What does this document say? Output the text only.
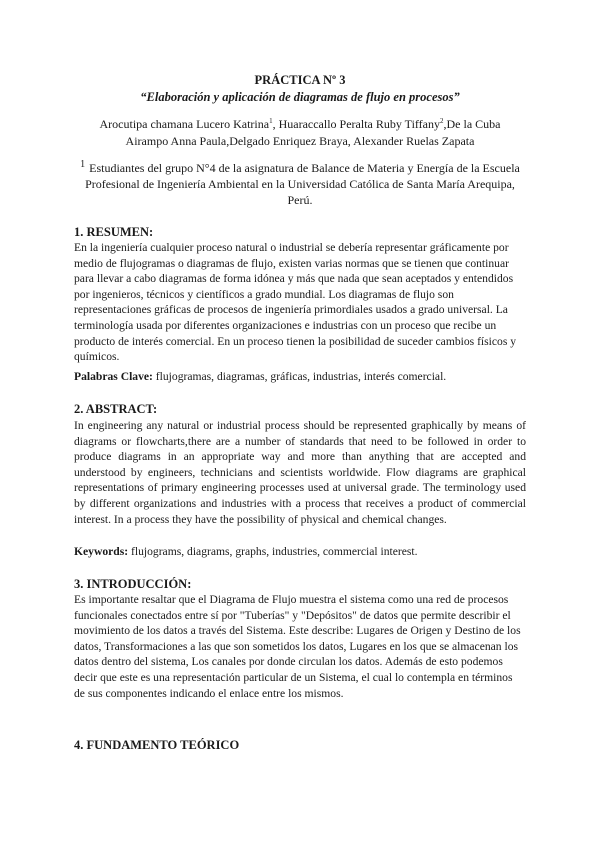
PRÁCTICA Nº 3
“Elaboración y aplicación de diagramas de flujo en procesos”
Arocutipa chamana Lucero Katrina$^1$, Huaraccallo Peralta Ruby Tiffany$^2$,De la Cuba
Airampo Anna Paula,Delgado Enriquez Braya, Alexander Ruelas Zapata
$^1$ Estudiantes del grupo N°4 de la asignatura de Balance de Materia y Energía de la Escuela Profesional de Ingeniería Ambiental en la Universidad Católica de Santa María Arequipa, Perú.
1. RESUMEN:

En la ingeniería cualquier proceso natural o industrial se debería representar gráficamente por medio de flujogramas o diagramas de flujo, existen varias normas que se tienen que continuar para llevar a cabo diagramas de forma idónea y más que nada que sean aceptados y entendidos por ingenieros, técnicos y científicos a grado mundial. Los diagramas de flujo son representaciones gráficas de procesos de ingeniería primordiales usados a grado universal. La terminología usada por diferentes organizaciones e industrias con un proceso que recibe un producto de interés comercial. En un proceso tienen la posibilidad de suceder cambios físicos y químicos.

Palabras Clave: flujogramas, diagramas, gráficas, industrias, interés comercial.
2. ABSTRACT:

In engineering any natural or industrial process should be represented graphically by means of diagrams or flowcharts,there are a number of standards that need to be followed in order to produce diagrams in an appropriate way and more than anything that are accepted and understood by engineers, technicians and scientists worldwide. Flow diagrams are graphical representations of primary engineering processes used at universal grade. The terminology used by different organizations and industries with a process that receives a product of commercial interest. In a process they have the possibility of physical and chemical changes.

Keywords: flujograms, diagrams, graphs, industries, commercial interest.
3. INTRODUCCIÓN:

Es importante resaltar que el Diagrama de Flujo muestra el sistema como una red de procesos funcionales conectados entre sí por "Tuberías" y "Depósitos" de datos que permite describir el movimiento de los datos a través del Sistema. Este describe: Lugares de Origen y Destino de los datos, Transformaciones a las que son sometidos los datos, Lugares en los que se almacenan los datos dentro del sistema, Los canales por donde circulan los datos. Además de esto podemos decir que este es una representación particular de un Sistema, el cual lo contempla en términos de sus componentes indicando el enlace entre los mismos.

4. FUNDAMENTO TEÓRICO
